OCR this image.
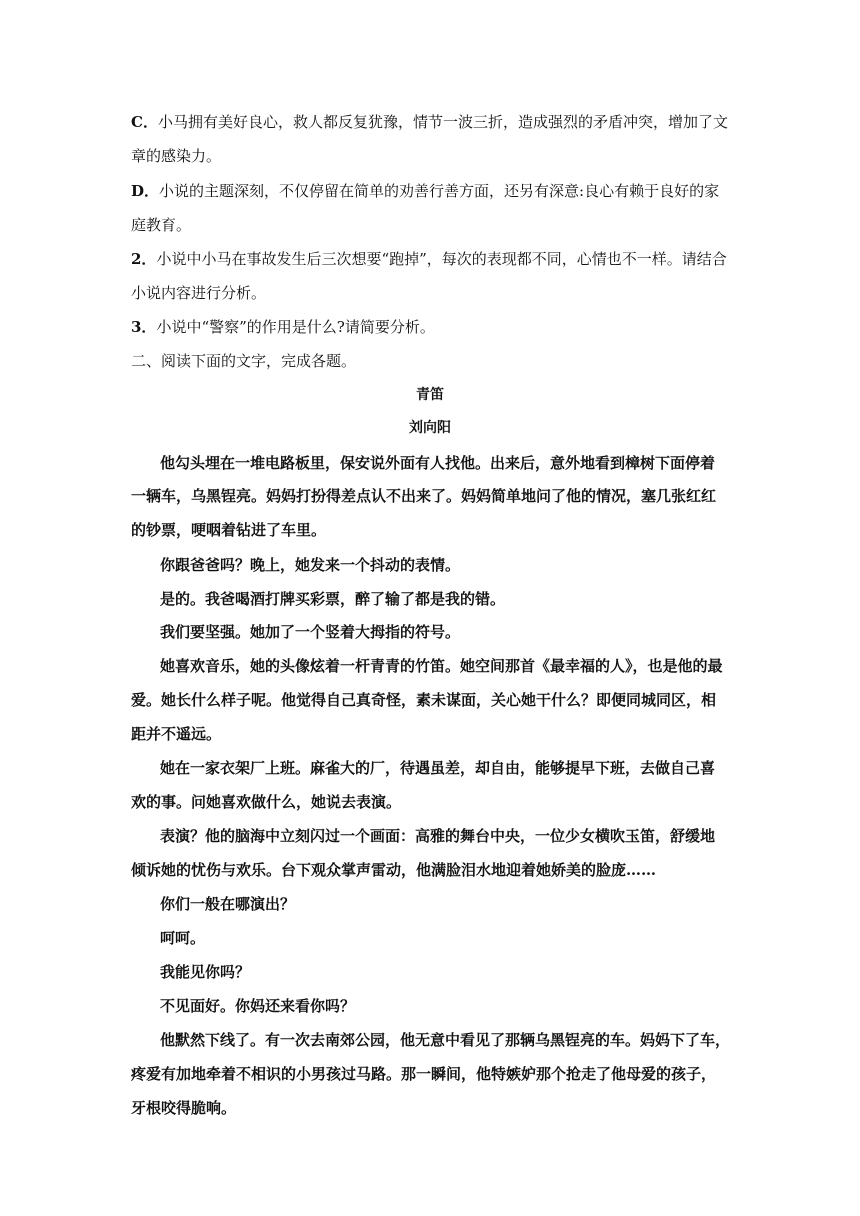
C．小马拥有美好良心，救人都反复犹豫，情节一波三折，造成强烈的矛盾冲突，增加了文
章的感染力。
D．小说的主题深刻，不仅停留在简单的劝善行善方面，还另有深意:良心有赖于良好的家
庭教育。
2．小说中小马在事故发生后三次想要“跑掉”，每次的表现都不同，心情也不一样。请结合
小说内容进行分析。
3．小说中“警察”的作用是什么?请简要分析。
二、阅读下面的文字，完成各题。
青笛
刘向阳
他勾头埋在一堆电路板里，保安说外面有人找他。出来后，意外地看到樟树下面停着
一辆车，乌黑锃亮。妈妈打扮得差点认不出来了。妈妈简单地问了他的情况，塞几张红红
的钞票，哽咽着钻进了车里。
你跟爸爸吗？晚上，她发来一个抖动的表情。
是的。我爸喝酒打牌买彩票，醉了输了都是我的错。
我们要坚强。她加了一个竖着大拇指的符号。
她喜欢音乐，她的头像炫着一杆青青的竹笛。她空间那首《最幸福的人》，也是他的最
爱。她长什么样子呢。他觉得自己真奇怪，素未谋面，关心她干什么？即便同城同区，相
距并不遥远。
她在一家衣架厂上班。麻雀大的厂，待遇虽差，却自由，能够提早下班，去做自己喜
欢的事。问她喜欢做什么，她说去表演。
表演？他的脑海中立刻闪过一个画面：高雅的舞台中央，一位少女横吹玉笛，舒缓地
倾诉她的忧伤与欢乐。台下观众掌声雷动，他满脸泪水地迎着她娇美的脸庞……
你们一般在哪演出？
呵呵。
我能见你吗？
不见面好。你妈还来看你吗？
他默然下线了。有一次去南郊公园，他无意中看见了那辆乌黑锃亮的车。妈妈下了车，
疼爱有加地牵着不相识的小男孩过马路。那一瞬间，他特嫉妒那个抢走了他母爱的孩子，
牙根咬得脆响。
